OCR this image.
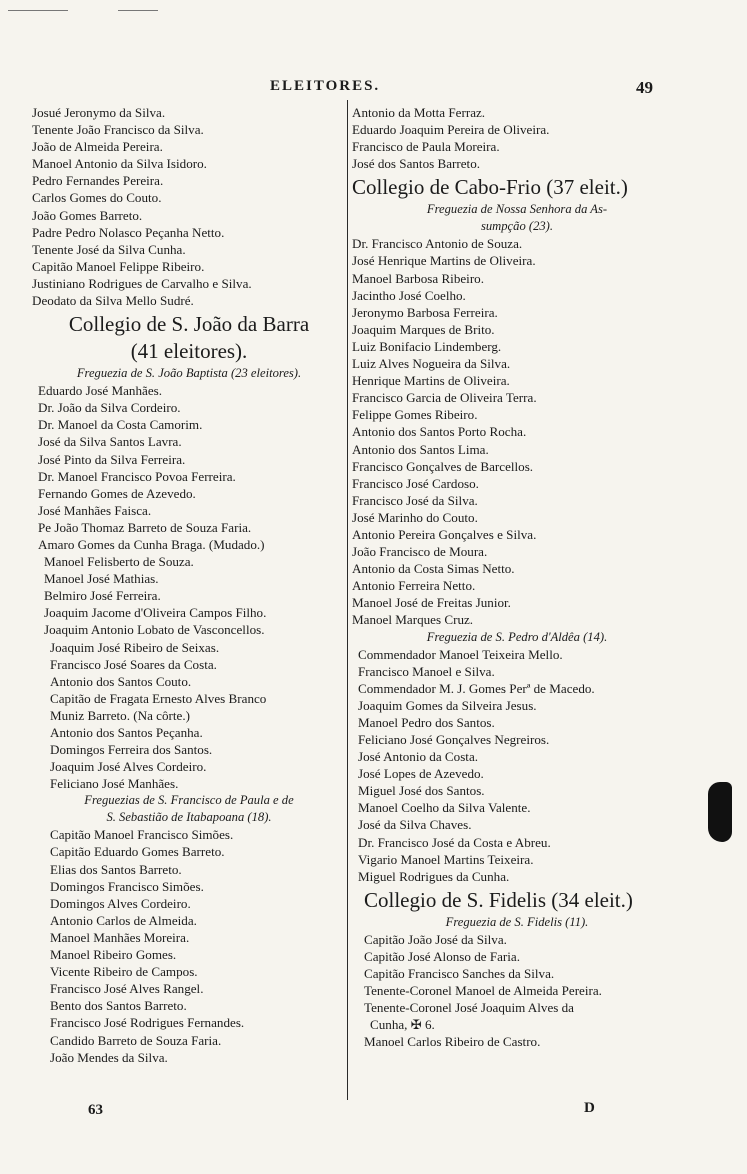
ELEITORES.	49
Josué Jeronymo da Silva.
Tenente João Francisco da Silva.
João de Almeida Pereira.
Manoel Antonio da Silva Isidoro.
Pedro Fernandes Pereira.
Carlos Gomes do Couto.
João Gomes Barreto.
Padre Pedro Nolasco Peçanha Netto.
Tenente José da Silva Cunha.
Capitão Manoel Felippe Ribeiro.
Justiniano Rodrigues de Carvalho e Silva.
Deodato da Silva Mello Sudré.
Collegio de S. João da Barra
(41 eleitores).
Freguezia de S. João Baptista (23 eleitores).
Eduardo José Manhães.
Dr. João da Silva Cordeiro.
Dr. Manoel da Costa Camorim.
José da Silva Santos Lavra.
José Pinto da Silva Ferreira.
Dr. Manoel Francisco Povoa Ferreira.
Fernando Gomes de Azevedo.
José Manhães Faisca.
Pe João Thomaz Barreto de Souza Faria.
Amaro Gomes da Cunha Braga. (Mudado.)
Manoel Felisberto de Souza.
Manoel José Mathias.
Belmiro José Ferreira.
Joaquim Jacome d'Oliveira Campos Filho.
Joaquim Antonio Lobato de Vasconcellos.
Joaquim José Ribeiro de Seixas.
Francisco José Soares da Costa.
Antonio dos Santos Couto.
Capitão de Fragata Ernesto Alves Branco
Muniz Barreto. (Na côrte.)
Antonio dos Santos Peçanha.
Domingos Ferreira dos Santos.
Joaquim José Alves Cordeiro.
Feliciano José Manhães.
Freguezias de S. Francisco de Paula e de
S. Sebastião de Itabapoana (18).
Capitão Manoel Francisco Simões.
Capitão Eduardo Gomes Barreto.
Elias dos Santos Barreto.
Domingos Francisco Simões.
Domingos Alves Cordeiro.
Antonio Carlos de Almeida.
Manoel Manhães Moreira.
Manoel Ribeiro Gomes.
Vicente Ribeiro de Campos.
Francisco José Alves Rangel.
Bento dos Santos Barreto.
Francisco José Rodrigues Fernandes.
Candido Barreto de Souza Faria.
João Mendes da Silva.
Antonio da Motta Ferraz.
Eduardo Joaquim Pereira de Oliveira.
Francisco de Paula Moreira.
José dos Santos Barreto.
Collegio de Cabo-Frio (37 eleit.)
Freguezia de Nossa Senhora da As-
sumpção (23).
Dr. Francisco Antonio de Souza.
José Henrique Martins de Oliveira.
Manoel Barbosa Ribeiro.
Jacintho José Coelho.
Jeronymo Barbosa Ferreira.
Joaquim Marques de Brito.
Luiz Bonifacio Lindemberg.
Luiz Alves Nogueira da Silva.
Henrique Martins de Oliveira.
Francisco Garcia de Oliveira Terra.
Felippe Gomes Ribeiro.
Antonio dos Santos Porto Rocha.
Antonio dos Santos Lima.
Francisco Gonçalves de Barcellos.
Francisco José Cardoso.
Francisco José da Silva.
José Marinho do Couto.
Antonio Pereira Gonçalves e Silva.
João Francisco de Moura.
Antonio da Costa Simas Netto.
Antonio Ferreira Netto.
Manoel José de Freitas Junior.
Manoel Marques Cruz.
Freguezia de S. Pedro d'Aldêa (14).
Commendador Manoel Teixeira Mello.
Francisco Manoel e Silva.
Commendador M. J. Gomes Perª de Macedo.
Joaquim Gomes da Silveira Jesus.
Manoel Pedro dos Santos.
Feliciano José Gonçalves Negreiros.
José Antonio da Costa.
José Lopes de Azevedo.
Miguel José dos Santos.
Manoel Coelho da Silva Valente.
José da Silva Chaves.
Dr. Francisco José da Costa e Abreu.
Vigario Manoel Martins Teixeira.
Miguel Rodrigues da Cunha.
Collegio de S. Fidelis (34 eleit.)
Freguezia de S. Fidelis (11).
Capitão João José da Silva.
Capitão José Alonso de Faria.
Capitão Francisco Sanches da Silva.
Tenente-Coronel Manoel de Almeida Pereira.
Tenente-Coronel José Joaquim Alves da
Cunha, ✠ 6.
Manoel Carlos Ribeiro de Castro.
63	D
